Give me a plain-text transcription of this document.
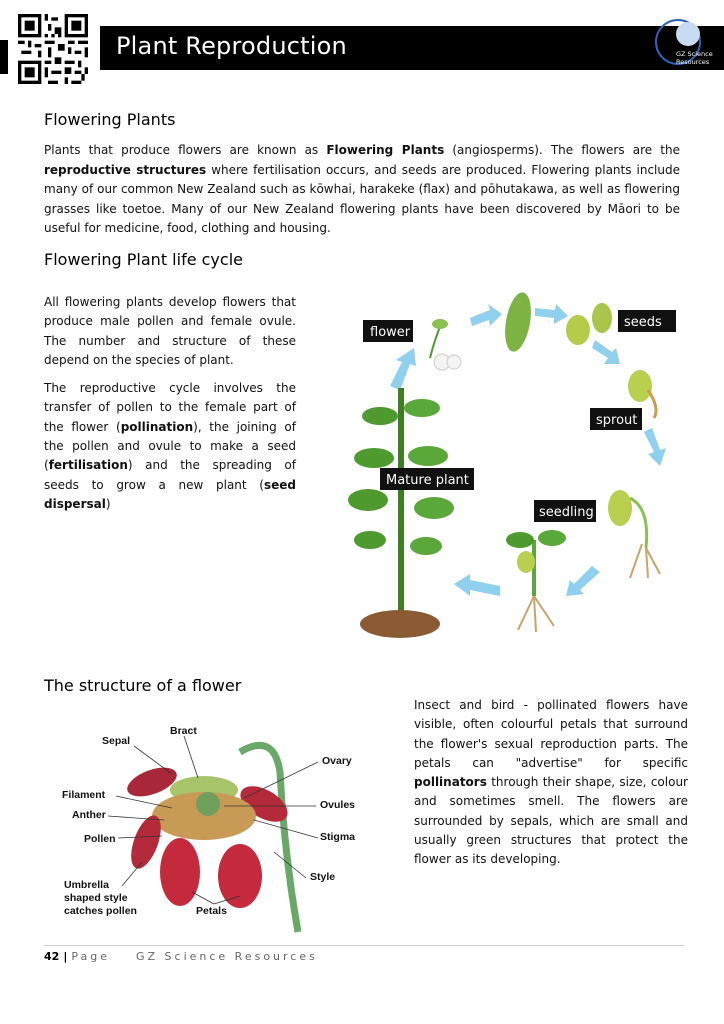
Plant Reproduction	GZ Science Resources
Flowering Plants

Plants that produce flowers are known as Flowering Plants (angiosperms). The flowers are the reproductive structures where fertilisation occurs, and seeds are produced. Flowering plants include many of our common New Zealand such as kōwhai, harakeke (flax) and pōhutakawa, as well as flowering grasses like toetoe. Many of our New Zealand flowering plants have been discovered by Māori to be useful for medicine, food, clothing and housing.

Flowering Plant life cycle

All flowering plants develop flowers that produce male pollen and female ovule. The number and structure of these depend on the species of plant.

The reproductive cycle involves the transfer of pollen to the female part of the flower (pollination), the joining of the pollen and ovule to make a seed (fertilisation) and the spreading of seeds to grow a new plant (seed dispersal)

flower
seeds
sprout
seedling
Mature plant
The structure of a flower
Bract
Sepal
Ovary
Filament
Ovules
Anther
Pollen	Stigma
Style
Umbrella
shaped style
catches pollen	Petals

Insect and bird - pollinated flowers have visible, often colourful petals that surround the flower's sexual reproduction parts. The petals can "advertise" for specific pollinators through their shape, size, colour and sometimes smell. The flowers are surrounded by sepals, which are small and usually green structures that protect the flower as its developing.

42 | Page GZ Science Resources
